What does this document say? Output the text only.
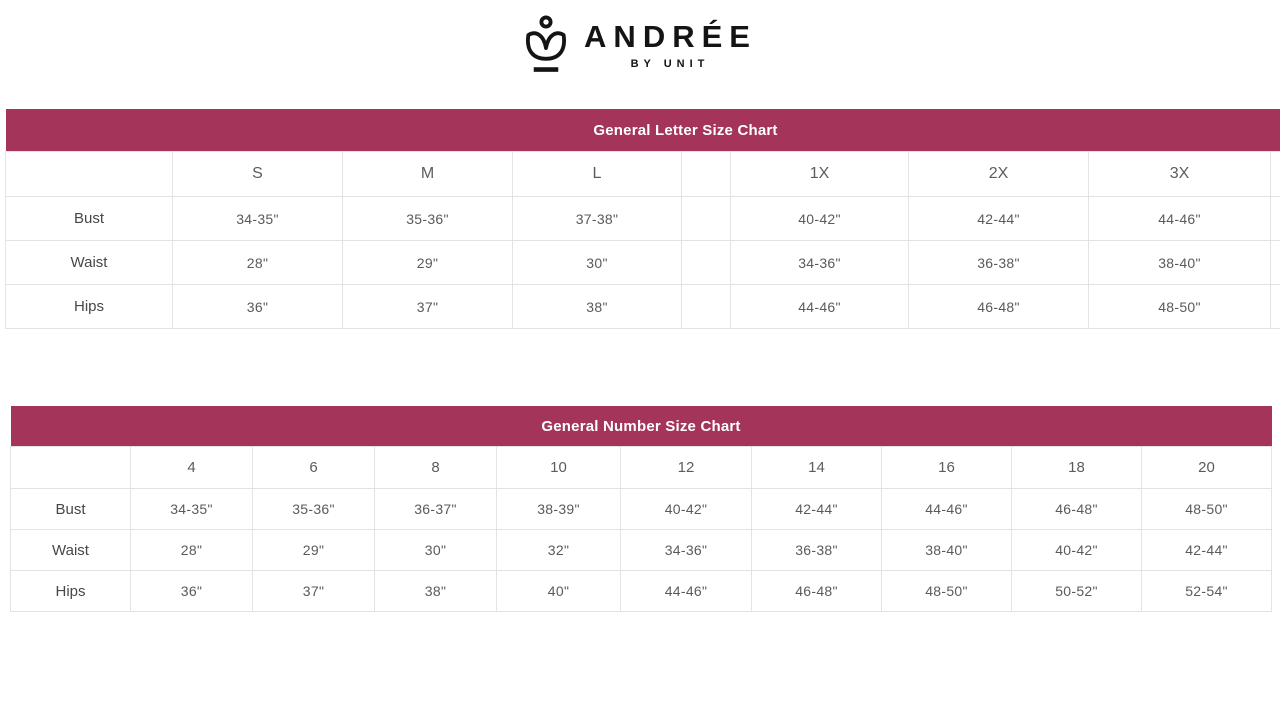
ANDRÉE
BY UNIT
General Letter Size Chart								
	S	M	L		1X	2X	3X	
Bust	34-35"	35-36"	37-38"		40-42"	42-44"	44-46"	
Waist	28"	29"	30"		34-36"	36-38"	38-40"	
Hips	36"	37"	38"		44-46"	46-48"	48-50"	
General Number Size Chart									
	4	6	8	10	12	14	16	18	20
Bust	34-35"	35-36"	36-37"	38-39"	40-42"	42-44"	44-46"	46-48"	48-50"
Waist	28"	29"	30"	32"	34-36"	36-38"	38-40"	40-42"	42-44"
Hips	36"	37"	38"	40"	44-46"	46-48"	48-50"	50-52"	52-54"
